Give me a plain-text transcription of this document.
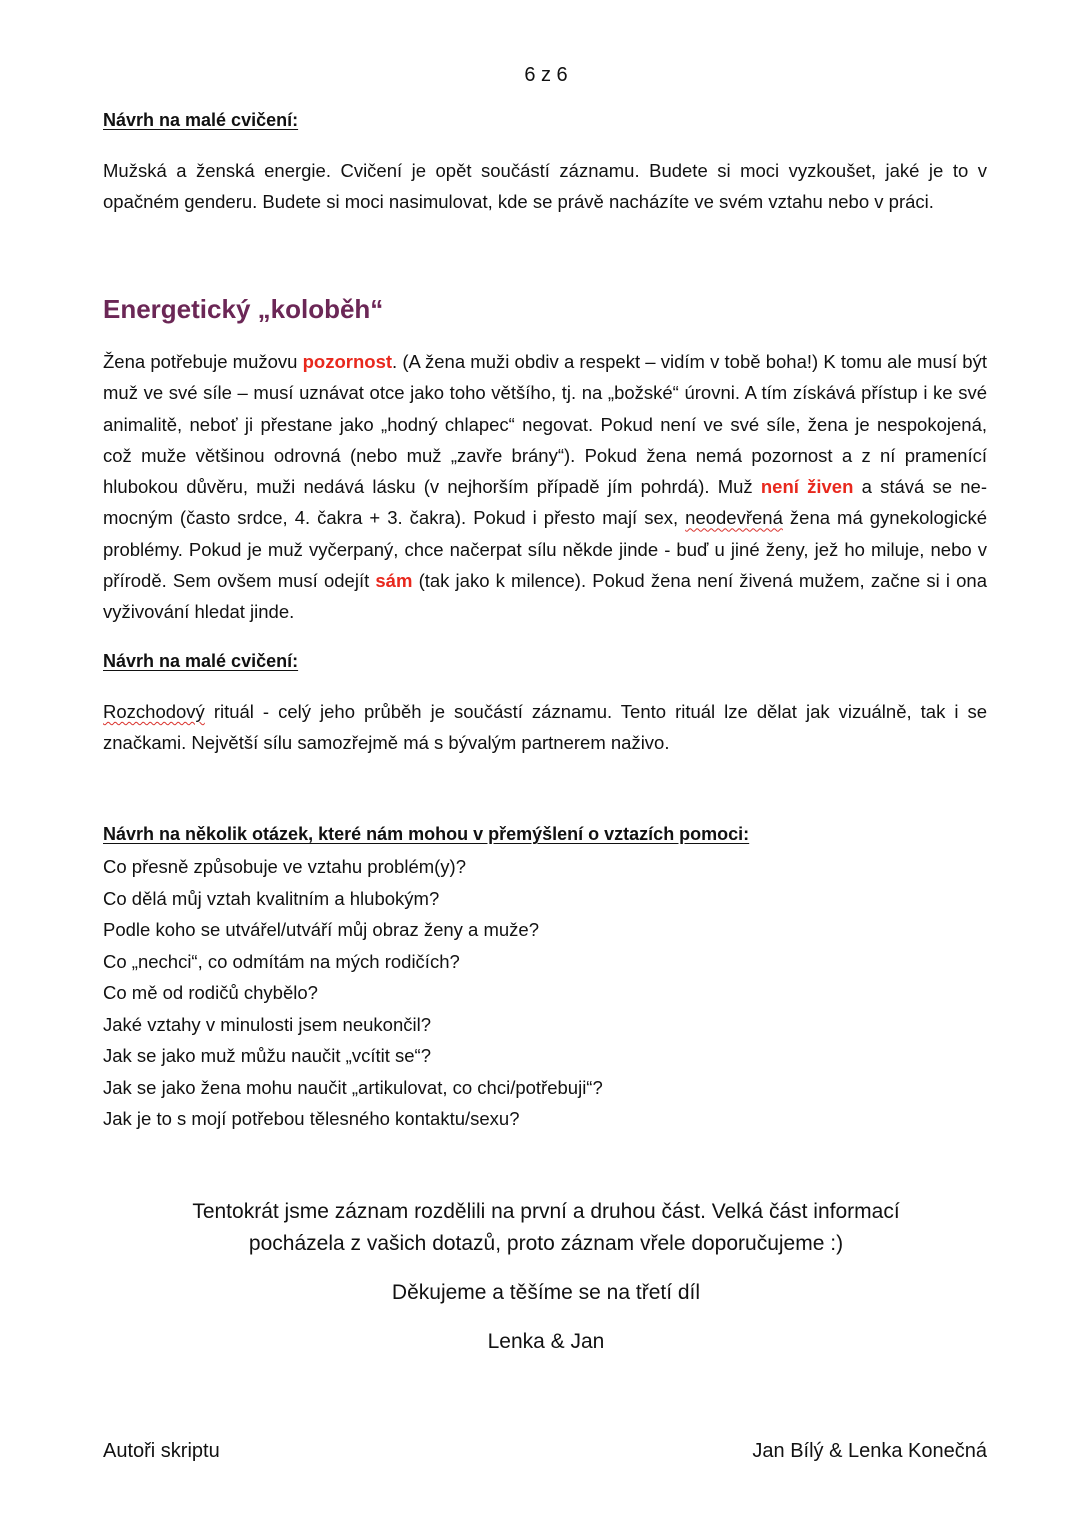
6 z 6
Návrh na malé cvičení:

Mužská a ženská energie. Cvičení je opět součástí záznamu. Budete si moci vyzkoušet, jaké je to v opačném genderu. Budete si moci nasimulovat, kde se právě nacházíte ve svém vztahu nebo v práci.

Energetický „koloběh“

Žena potřebuje mužovu pozornost. (A žena muži obdiv a respekt – vidím v tobě boha!) K tomu ale musí být muž ve své síle – musí uznávat otce jako toho většího, tj. na „božské“ úrovni. A tím získává přístup i ke své animalitě, neboť ji přestane jako „hodný chlapec“ negovat. Pokud není ve své síle, žena je nespokojená, což muže většinou odrovná (nebo muž „zavře brány“). Pokud žena nemá pozornost a z ní pramenící hlubokou důvěru, muži nedává lásku (v nejhorším případě jím pohrdá). Muž není živen a stává se ne-mocným (často srdce, 4. čakra + 3. čakra). Pokud i přesto mají sex, neodevřená žena má gynekologické problémy. Pokud je muž vyčerpaný, chce načerpat sílu někde jinde - buď u jiné ženy, jež ho miluje, nebo v přírodě. Sem ovšem musí odejít sám (tak jako k milence). Pokud žena není živená mužem, začne si i ona vyživování hledat jinde.

Návrh na malé cvičení:

Rozchodový rituál - celý jeho průběh je součástí záznamu. Tento rituál lze dělat jak vizuálně, tak i se značkami. Největší sílu samozřejmě má s bývalým partnerem naživo.

Návrh na několik otázek, které nám mohou v přemýšlení o vztazích pomoci:
Co přesně způsobuje ve vztahu problém(y)?
Co dělá můj vztah kvalitním a hlubokým?
Podle koho se utvářel/utváří můj obraz ženy a muže?
Co „nechci“, co odmítám na mých rodičích?
Co mě od rodičů chybělo?
Jaké vztahy v minulosti jsem neukončil?
Jak se jako muž můžu naučit „vcítit se“?
Jak se jako žena mohu naučit „artikulovat, co chci/potřebuji“?
Jak je to s mojí potřebou tělesného kontaktu/sexu?

Tentokrát jsme záznam rozdělili na první a druhou část. Velká část informací

pocházela z vašich dotazů, proto záznam vřele doporučujeme :)

Děkujeme a těšíme se na třetí díl

Lenka & Jan

Autoři skriptu	Jan Bílý & Lenka Konečná
